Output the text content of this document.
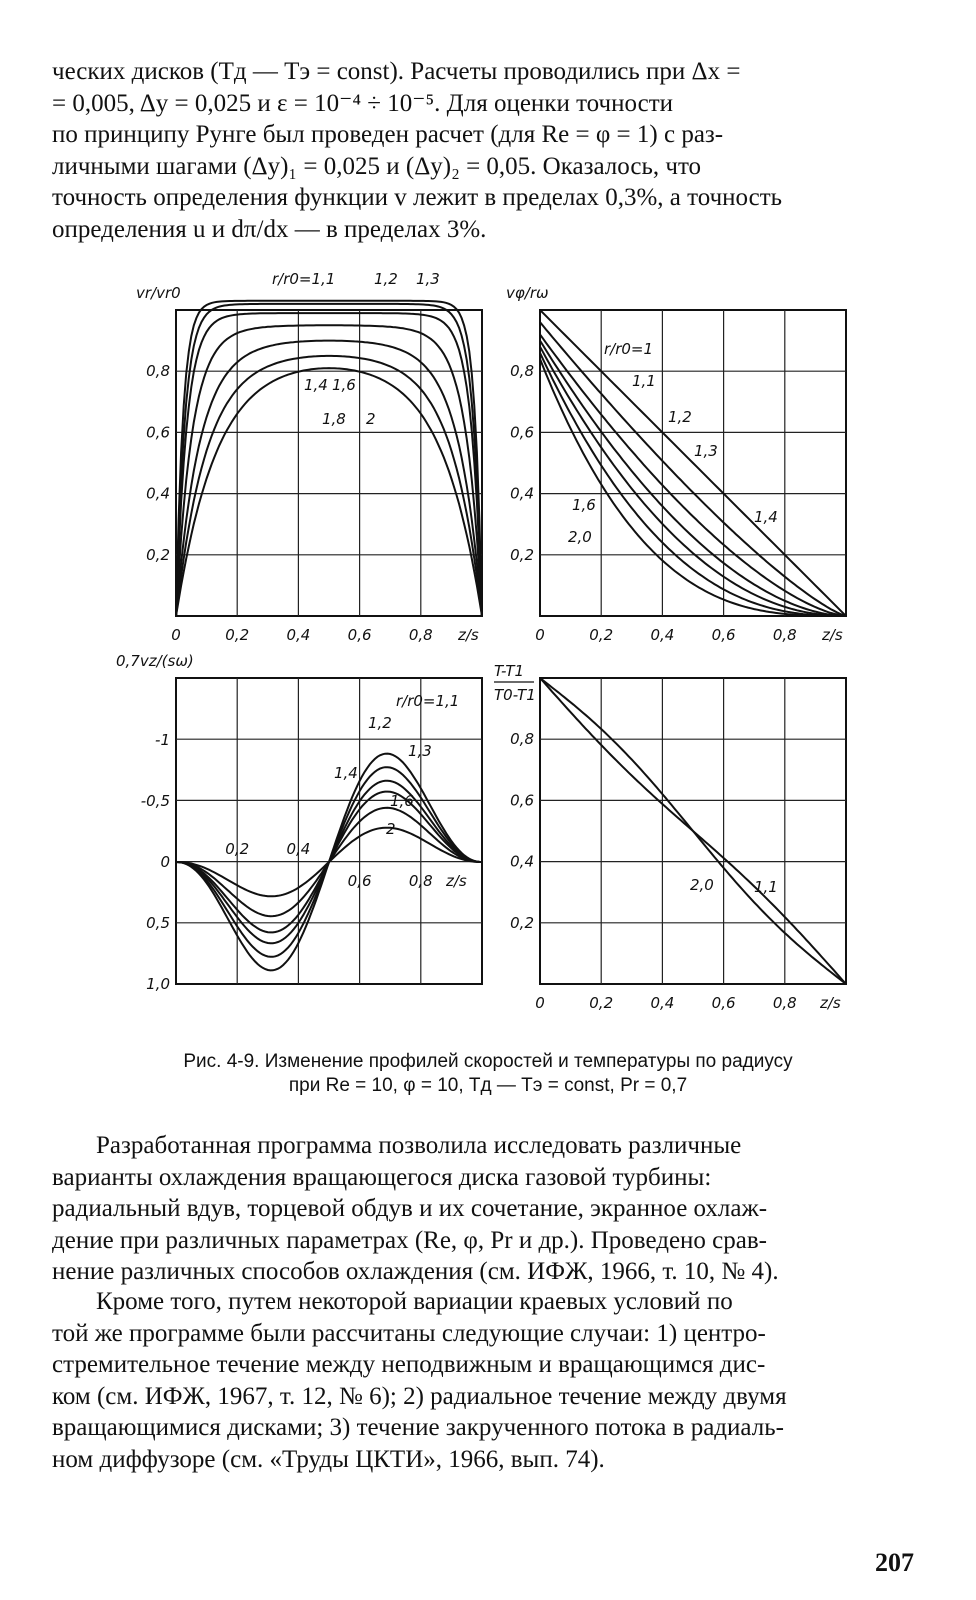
ческих дисков (Tд — Tэ = const). Расчеты проводились при Δx =
= 0,005, Δy = 0,025 и ε = 10⁻⁴ ÷ 10⁻⁵. Для оценки точности
по принципу Рунге был проведен расчет (для Re = φ = 1) с раз-
личными шагами (Δy)₁ = 0,025 и (Δy)₂ = 0,05. Оказалось, что
точность определения функции v лежит в пределах 0,3%, а точность
определения u и dπ/dx — в пределах 3%.

vr/vr0
z/s
0	0,2 0,4 0,6 0,8
0,2
0,4
0,6
0,8
r/r0=1,1	1,2 1,3
1,4 1,6
1,8 2
vφ/rω
z/s
0	0,2 0,4 0,6 0,8
0,2
0,4
0,6
0,8
r/r0=1
1,1
1,2
1,3
1,4
1,6
2,0
0,7vz/(sω)
z/s
0,2 0,4
0,6 0,8
-1
-0,5
0
0,5
1,0
r/r0=1,1
1,2
1,3
1,4
1,6
2
T-T1
T0-T1
z/s
0	0,2 0,4 0,6 0,8
0,2
0,4
0,6
0,8
2,0	1,1
Рис. 4-9. Изменение профилей скоростей и температуры по радиусу
при Re = 10, φ = 10, Tд — Tэ = const, Pr = 0,7

Разработанная программа позволила исследовать различные
варианты охлаждения вращающегося диска газовой турбины:
радиальный вдув, торцевой обдув и их сочетание, экранное охлаж-
дение при различных параметрах (Re, φ, Pr и др.). Проведено срав-
нение различных способов охлаждения (см. ИФЖ, 1966, т. 10, № 4).

Кроме того, путем некоторой вариации краевых условий по
той же программе были рассчитаны следующие случаи: 1) центро-
стремительное течение между неподвижным и вращающимся дис-
ком (см. ИФЖ, 1967, т. 12, № 6); 2) радиальное течение между двумя
вращающимися дисками; 3) течение закрученного потока в радиаль-
ном диффузоре (см. «Труды ЦКТИ», 1966, вып. 74).

207
